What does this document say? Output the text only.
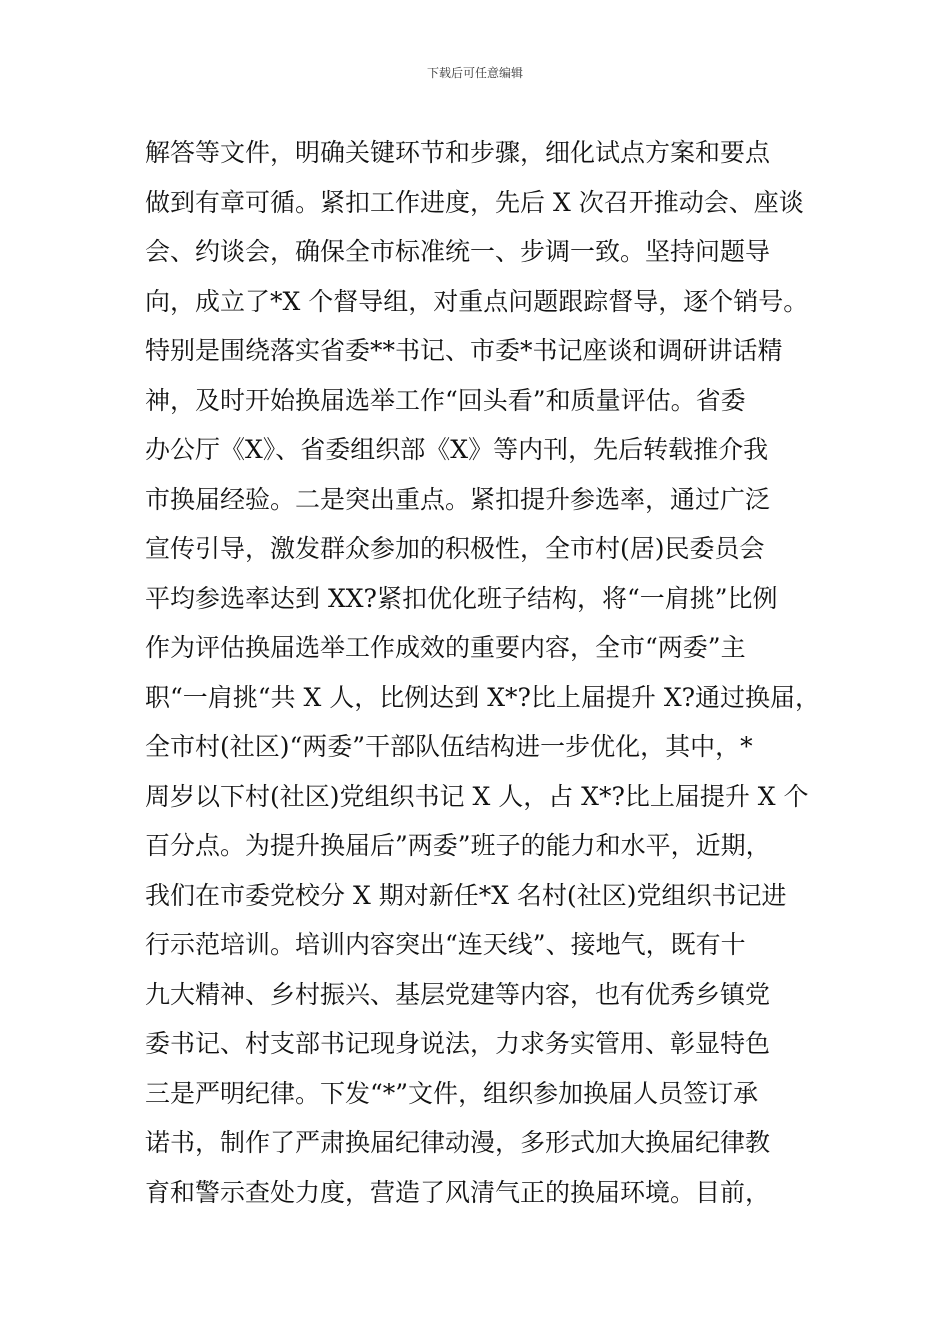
下载后可任意编辑
解答等文件，明确关键环节和步骤，细化试点方案和要点
做到有章可循。紧扣工作进度，先后 X 次召开推动会、座谈
会、约谈会，确保全市标准统一、步调一致。坚持问题导
向，成立了*X 个督导组，对重点问题跟踪督导，逐个销号。
特别是围绕落实省委**书记、市委*书记座谈和调研讲话精
神，及时开始换届选举工作“回头看”和质量评估。省委
办公厅《X》、省委组织部《X》等内刊，先后转载推介我
市换届经验。二是突出重点。紧扣提升参选率，通过广泛
宣传引导，激发群众参加的积极性，全市村(居)民委员会
平均参选率达到 XX?紧扣优化班子结构，将“一肩挑”比例
作为评估换届选举工作成效的重要内容，全市“两委”主
职“一肩挑“共 X 人，比例达到 X*?比上届提升 X?通过换届，
全市村(社区)“两委”干部队伍结构进一步优化，其中，*
周岁以下村(社区)党组织书记 X 人，占 X*?比上届提升 X 个
百分点。为提升换届后”两委”班子的能力和水平，近期，
我们在市委党校分 X 期对新任*X 名村(社区)党组织书记进
行示范培训。培训内容突出“连天线”、接地气，既有十
九大精神、乡村振兴、基层党建等内容，也有优秀乡镇党
委书记、村支部书记现身说法，力求务实管用、彰显特色
三是严明纪律。下发“*”文件，组织参加换届人员签订承
诺书，制作了严肃换届纪律动漫，多形式加大换届纪律教
育和警示查处力度，营造了风清气正的换届环境。目前，
